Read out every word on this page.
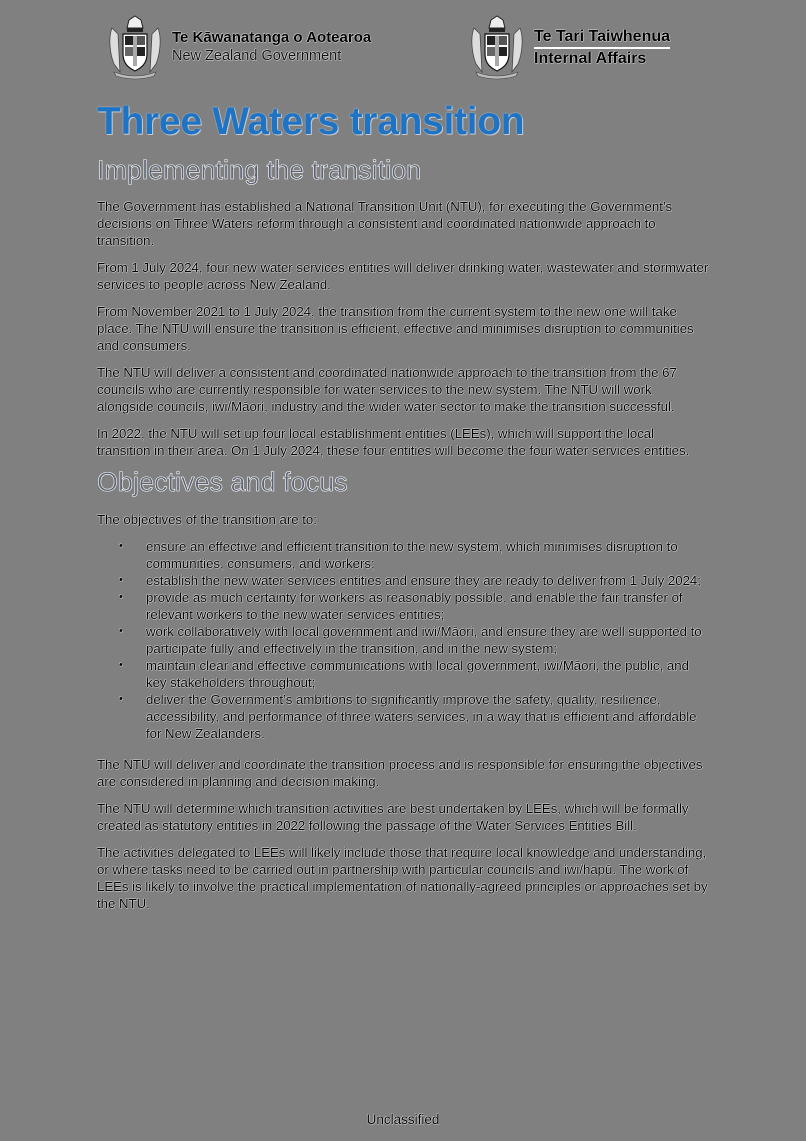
Te Kāwanatanga o Aotearoa
New Zealand Government
Te Tari Taiwhenua
Internal Affairs
Three Waters transition
Implementing the transition

The Government has established a National Transition Unit (NTU), for executing the Government’s decisions on Three Waters reform through a consistent and coordinated nationwide approach to transition.

From 1 July 2024, four new water services entities will deliver drinking water, wastewater and stormwater services to people across New Zealand.

From November 2021 to 1 July 2024, the transition from the current system to the new one will take place. The NTU will ensure the transition is efficient, effective and minimises disruption to communities and consumers.

The NTU will deliver a consistent and coordinated nationwide approach to the transition from the 67 councils who are currently responsible for water services to the new system. The NTU will work alongside councils, iwi/Māori, industry and the wider water sector to make the transition successful.

In 2022, the NTU will set up four local establishment entities (LEEs), which will support the local transition in their area. On 1 July 2024, these four entities will become the four water services entities.

Objectives and focus

The objectives of the transition are to:

• ensure an effective and efficient transition to the new system, which minimises disruption to communities, consumers, and workers;
• establish the new water services entities and ensure they are ready to deliver from 1 July 2024;
• provide as much certainty for workers as reasonably possible, and enable the fair transfer of relevant workers to the new water services entities;
• work collaboratively with local government and iwi/Māori, and ensure they are well supported to participate fully and effectively in the transition, and in the new system;
• maintain clear and effective communications with local government, iwi/Māori, the public, and key stakeholders throughout;
• deliver the Government’s ambitions to significantly improve the safety, quality, resilience, accessibility, and performance of three waters services, in a way that is efficient and affordable for New Zealanders.

The NTU will deliver and coordinate the transition process and is responsible for ensuring the objectives are considered in planning and decision making.

The NTU will determine which transition activities are best undertaken by LEEs, which will be formally created as statutory entities in 2022 following the passage of the Water Services Entities Bill.

The activities delegated to LEEs will likely include those that require local knowledge and understanding, or where tasks need to be carried out in partnership with particular councils and iwi/hapū. The work of LEEs is likely to involve the practical implementation of nationally-agreed principles or approaches set by the NTU.

Unclassified
